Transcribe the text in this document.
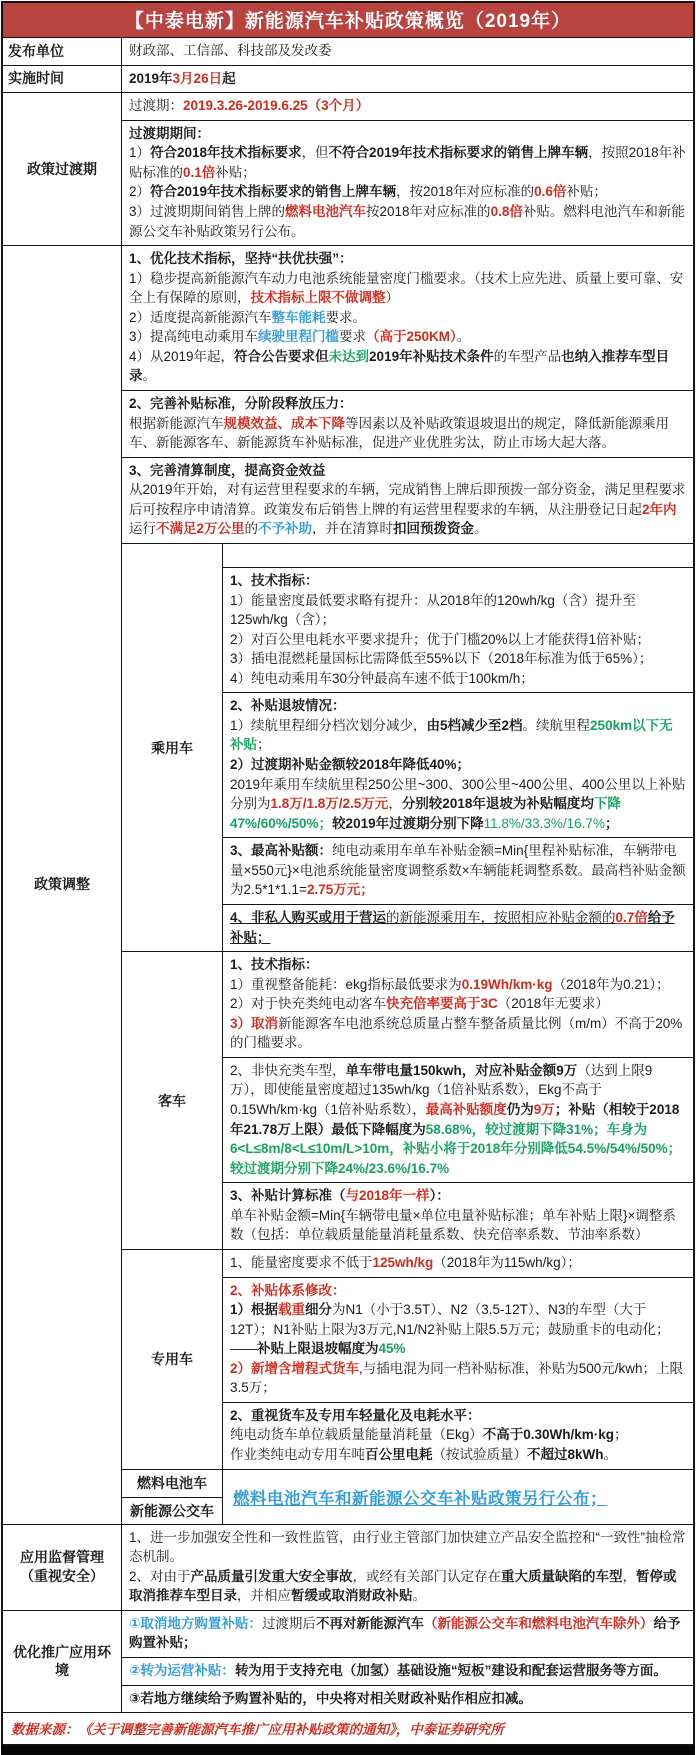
【中泰电新】新能源汽车补贴政策概览（2019年）
发布单位	财政部、工信部、科技部及发改委
实施时间	2019年3月26日起
政策过渡期
过渡期：2019.3.26-2019.6.25（3个月）
过渡期期间：
1）符合2018年技术指标要求，但不符合2019年技术指标要求的销售上牌车辆，按照2018年补贴标准的0.1倍补贴；
2）符合2019年技术指标要求的销售上牌车辆，按2018年对应标准的0.6倍补贴；
3）过渡期期间销售上牌的燃料电池汽车按2018年对应标准的0.8倍补贴。燃料电池汽车和新能源公交车补贴政策另行公布。
政策调整
1、优化技术指标，坚持“扶优扶强”：
1）稳步提高新能源汽车动力电池系统能量密度门槛要求。（技术上应先进、质量上要可靠、安全上有保障的原则，技术指标上限不做调整）
2）适度提高新能源汽车整车能耗要求。
3）提高纯电动乘用车续驶里程门槛要求（高于250KM）。
4）从2019年起，符合公告要求但未达到2019年补贴技术条件的车型产品也纳入推荐车型目录。
2、完善补贴标准，分阶段释放压力：
根据新能源汽车规模效益、成本下降等因素以及补贴政策退坡退出的规定，降低新能源乘用车、新能源客车、新能源货车补贴标准，促进产业优胜劣汰，防止市场大起大落。
3、完善清算制度，提高资金效益
从2019年开始，对有运营里程要求的车辆，完成销售上牌后即预拨一部分资金，满足里程要求后可按程序申请清算。政策发布后销售上牌的有运营里程要求的车辆，从注册登记日起2年内运行不满足2万公里的不予补助，并在清算时扣回预拨资金。
乘用车
1、技术指标：
1）能量密度最低要求略有提升：从2018年的120wh/kg（含）提升至125wh/kg（含）；
2）对百公里电耗水平要求提升；优于门槛20%以上才能获得1倍补贴；
3）插电混燃耗量国标比需降低至55%以下（2018年标准为低于65%）；
4）纯电动乘用车30分钟最高车速不低于100km/h；
2、补贴退坡情况：
1）续航里程细分档次划分减少，由5档减少至2档。续航里程250km以下无补贴；
2）过渡期补贴金额较2018年降低40%；
2019年乘用车续航里程250公里~300、300公里~400公里、400公里以上补贴分别为1.8万/1.8万/2.5万元，分别较2018年退坡为补贴幅度均下降47%/60%/50%；较2019年过渡期分别下降11.8%/33.3%/16.7%；
3、最高补贴额：纯电动乘用车单车补贴金额=Min{里程补贴标准，车辆带电量×550元}×电池系统能量密度调整系数×车辆能耗调整系数。最高档补贴金额为2.5*1*1.1=2.75万元；
4、非私人购买或用于营运的新能源乘用车，按照相应补贴金额的0.7倍给予补贴；
客车
1、技术指标：
1）重视整备能耗：ekg指标最低要求为0.19Wh/km·kg（2018年为0.21）；
2）对于快充类纯电动客车快充倍率要高于3C（2018年无要求）
3）取消新能源客车电池系统总质量占整车整备质量比例（m/m）不高于20%的门槛要求。
2、非快充类车型，单车带电量150kwh，对应补贴金额9万（达到上限9万），即使能量密度超过135wh/kg（1倍补贴系数），Ekg不高于0.15Wh/km·kg（1倍补贴系数），最高补贴额度仍为9万；补贴（相较于2018年21.78万上限）最低下降幅度为58.68%，较过渡期下降31%；车身为6<L≤8m/8<L≤10m/L>10m，补贴小将于2018年分别降低54.5%/54%/50%；较过渡期分别下降24%/23.6%/16.7%
3、补贴计算标准（与2018年一样）：
单车补贴金额=Min{车辆带电量×单位电量补贴标准；单车补贴上限}×调整系数（包括：单位载质量能量消耗量系数、快充倍率系数、节油率系数）
专用车
1、能量密度要求不低于125wh/kg（2018年为115wh/kg）；
2、补贴体系修改：
1）根据载重细分为N1（小于3.5T）、N2（3.5-12T）、N3的车型（大于12T）；N1补贴上限为3万元,N1/N2补贴上限5.5万元；鼓励重卡的电动化；——补贴上限退坡幅度为45%
2）新增含增程式货车,与插电混为同一档补贴标准，补贴为500元/kwh；上限3.5万；
2、重视货车及专用车轻量化及电耗水平：
纯电动货车单位载质量能量消耗量（Ekg）不高于0.30Wh/km·kg；
作业类纯电动专用车吨百公里电耗（按试验质量）不超过8kWh。
燃料电池车
新能源公交车
燃料电池汽车和新能源公交车补贴政策另行公布；
应用监督管理
（重视安全）
1、进一步加强安全性和一致性监管，由行业主管部门加快建立产品安全监控和“一致性”抽检常态机制。
2、对由于产品质量引发重大安全事故，或经有关部门认定存在重大质量缺陷的车型，暂停或取消推荐车型目录，并相应暂缓或取消财政补贴。
优化推广应用环境
①取消地方购置补贴：过渡期后不再对新能源汽车（新能源公交车和燃料电池汽车除外）给予购置补贴；
②转为运营补贴：转为用于支持充电（加氢）基础设施“短板”建设和配套运营服务等方面。
③若地方继续给予购置补贴的，中央将对相关财政补贴作相应扣减。
数据来源：《关于调整完善新能源汽车推广应用补贴政策的通知》，中泰证券研究所
